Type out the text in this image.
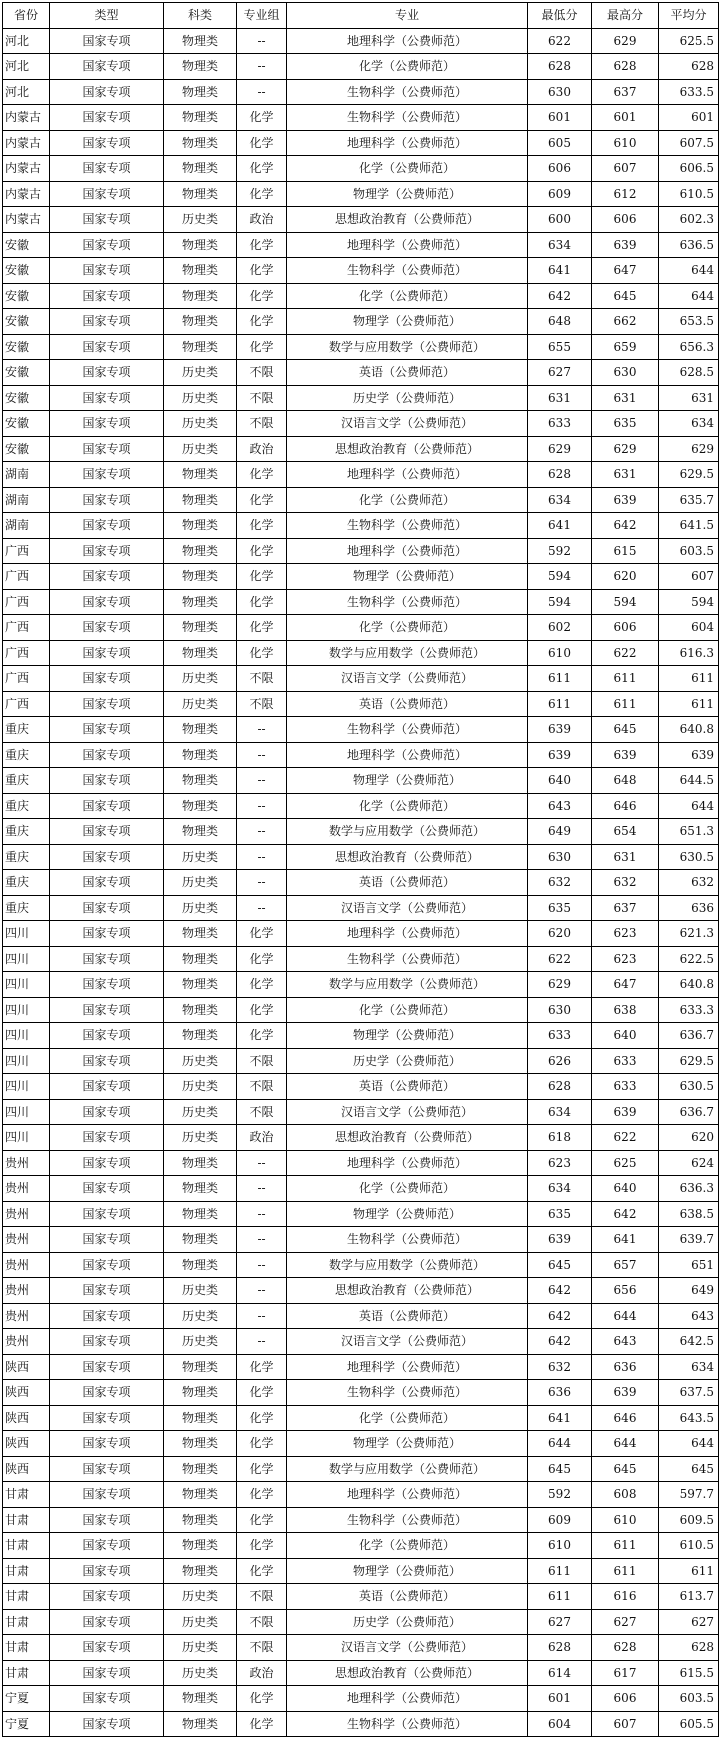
省份	类型	科类	专业组	专业	最低分	最高分	平均分
河北	国家专项	物理类	--	地理科学（公费师范）	622	629	625.5
河北	国家专项	物理类	--	化学（公费师范）	628	628	628
河北	国家专项	物理类	--	生物科学（公费师范）	630	637	633.5
内蒙古	国家专项	物理类	化学	生物科学（公费师范）	601	601	601
内蒙古	国家专项	物理类	化学	地理科学（公费师范）	605	610	607.5
内蒙古	国家专项	物理类	化学	化学（公费师范）	606	607	606.5
内蒙古	国家专项	物理类	化学	物理学（公费师范）	609	612	610.5
内蒙古	国家专项	历史类	政治	思想政治教育（公费师范）	600	606	602.3
安徽	国家专项	物理类	化学	地理科学（公费师范）	634	639	636.5
安徽	国家专项	物理类	化学	生物科学（公费师范）	641	647	644
安徽	国家专项	物理类	化学	化学（公费师范）	642	645	644
安徽	国家专项	物理类	化学	物理学（公费师范）	648	662	653.5
安徽	国家专项	物理类	化学	数学与应用数学（公费师范）	655	659	656.3
安徽	国家专项	历史类	不限	英语（公费师范）	627	630	628.5
安徽	国家专项	历史类	不限	历史学（公费师范）	631	631	631
安徽	国家专项	历史类	不限	汉语言文学（公费师范）	633	635	634
安徽	国家专项	历史类	政治	思想政治教育（公费师范）	629	629	629
湖南	国家专项	物理类	化学	地理科学（公费师范）	628	631	629.5
湖南	国家专项	物理类	化学	化学（公费师范）	634	639	635.7
湖南	国家专项	物理类	化学	生物科学（公费师范）	641	642	641.5
广西	国家专项	物理类	化学	地理科学（公费师范）	592	615	603.5
广西	国家专项	物理类	化学	物理学（公费师范）	594	620	607
广西	国家专项	物理类	化学	生物科学（公费师范）	594	594	594
广西	国家专项	物理类	化学	化学（公费师范）	602	606	604
广西	国家专项	物理类	化学	数学与应用数学（公费师范）	610	622	616.3
广西	国家专项	历史类	不限	汉语言文学（公费师范）	611	611	611
广西	国家专项	历史类	不限	英语（公费师范）	611	611	611
重庆	国家专项	物理类	--	生物科学（公费师范）	639	645	640.8
重庆	国家专项	物理类	--	地理科学（公费师范）	639	639	639
重庆	国家专项	物理类	--	物理学（公费师范）	640	648	644.5
重庆	国家专项	物理类	--	化学（公费师范）	643	646	644
重庆	国家专项	物理类	--	数学与应用数学（公费师范）	649	654	651.3
重庆	国家专项	历史类	--	思想政治教育（公费师范）	630	631	630.5
重庆	国家专项	历史类	--	英语（公费师范）	632	632	632
重庆	国家专项	历史类	--	汉语言文学（公费师范）	635	637	636
四川	国家专项	物理类	化学	地理科学（公费师范）	620	623	621.3
四川	国家专项	物理类	化学	生物科学（公费师范）	622	623	622.5
四川	国家专项	物理类	化学	数学与应用数学（公费师范）	629	647	640.8
四川	国家专项	物理类	化学	化学（公费师范）	630	638	633.3
四川	国家专项	物理类	化学	物理学（公费师范）	633	640	636.7
四川	国家专项	历史类	不限	历史学（公费师范）	626	633	629.5
四川	国家专项	历史类	不限	英语（公费师范）	628	633	630.5
四川	国家专项	历史类	不限	汉语言文学（公费师范）	634	639	636.7
四川	国家专项	历史类	政治	思想政治教育（公费师范）	618	622	620
贵州	国家专项	物理类	--	地理科学（公费师范）	623	625	624
贵州	国家专项	物理类	--	化学（公费师范）	634	640	636.3
贵州	国家专项	物理类	--	物理学（公费师范）	635	642	638.5
贵州	国家专项	物理类	--	生物科学（公费师范）	639	641	639.7
贵州	国家专项	物理类	--	数学与应用数学（公费师范）	645	657	651
贵州	国家专项	历史类	--	思想政治教育（公费师范）	642	656	649
贵州	国家专项	历史类	--	英语（公费师范）	642	644	643
贵州	国家专项	历史类	--	汉语言文学（公费师范）	642	643	642.5
陕西	国家专项	物理类	化学	地理科学（公费师范）	632	636	634
陕西	国家专项	物理类	化学	生物科学（公费师范）	636	639	637.5
陕西	国家专项	物理类	化学	化学（公费师范）	641	646	643.5
陕西	国家专项	物理类	化学	物理学（公费师范）	644	644	644
陕西	国家专项	物理类	化学	数学与应用数学（公费师范）	645	645	645
甘肃	国家专项	物理类	化学	地理科学（公费师范）	592	608	597.7
甘肃	国家专项	物理类	化学	生物科学（公费师范）	609	610	609.5
甘肃	国家专项	物理类	化学	化学（公费师范）	610	611	610.5
甘肃	国家专项	物理类	化学	物理学（公费师范）	611	611	611
甘肃	国家专项	历史类	不限	英语（公费师范）	611	616	613.7
甘肃	国家专项	历史类	不限	历史学（公费师范）	627	627	627
甘肃	国家专项	历史类	不限	汉语言文学（公费师范）	628	628	628
甘肃	国家专项	历史类	政治	思想政治教育（公费师范）	614	617	615.5
宁夏	国家专项	物理类	化学	地理科学（公费师范）	601	606	603.5
宁夏	国家专项	物理类	化学	生物科学（公费师范）	604	607	605.5
